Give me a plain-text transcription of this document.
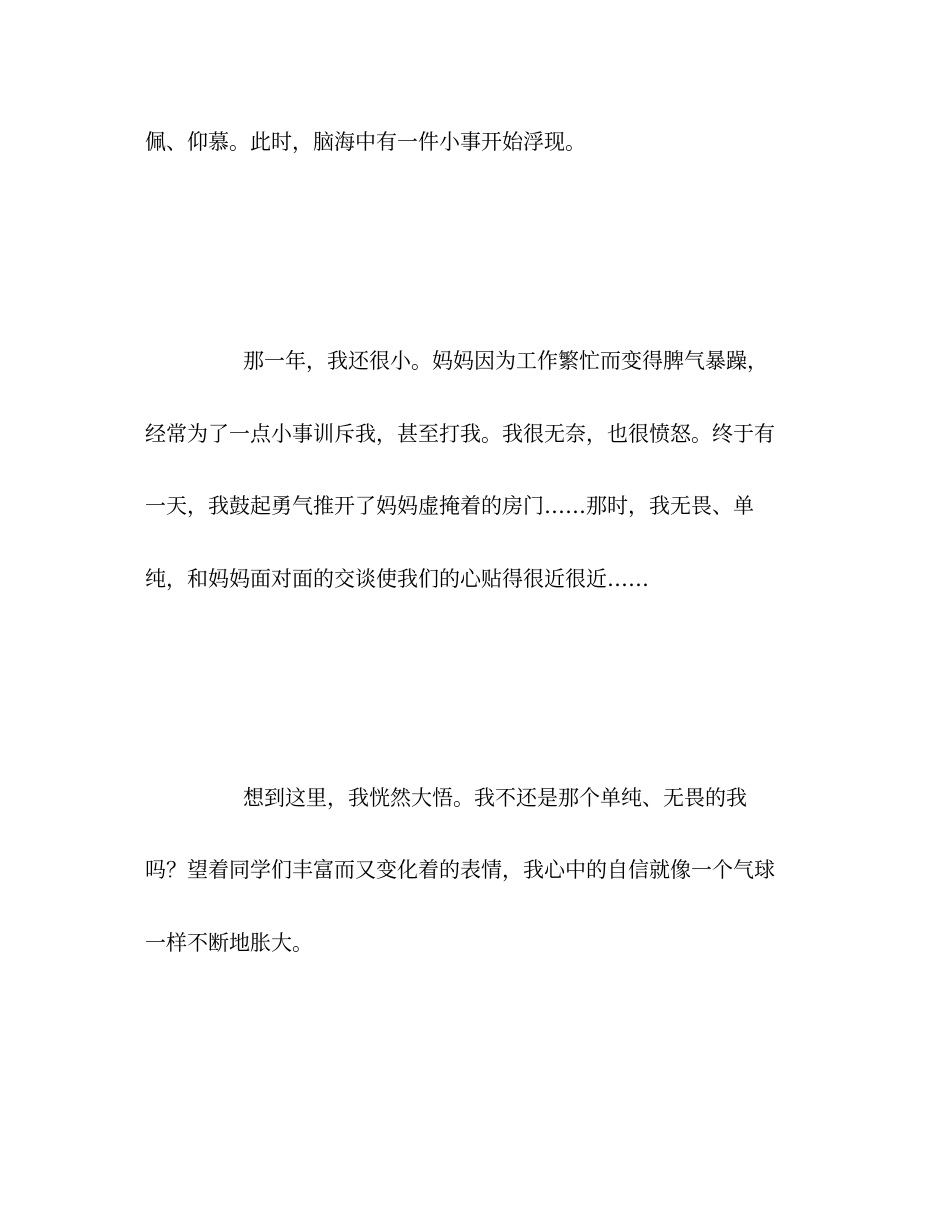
佩、仰慕。此时，脑海中有一件小事开始浮现。

那一年，我还很小。妈妈因为工作繁忙而变得脾气暴躁，

经常为了一点小事训斥我，甚至打我。我很无奈，也很愤怒。终于有

一天，我鼓起勇气推开了妈妈虚掩着的房门……那时，我无畏、单

纯，和妈妈面对面的交谈使我们的心贴得很近很近……

想到这里，我恍然大悟。我不还是那个单纯、无畏的我

吗？望着同学们丰富而又变化着的表情，我心中的自信就像一个气球

一样不断地胀大。
